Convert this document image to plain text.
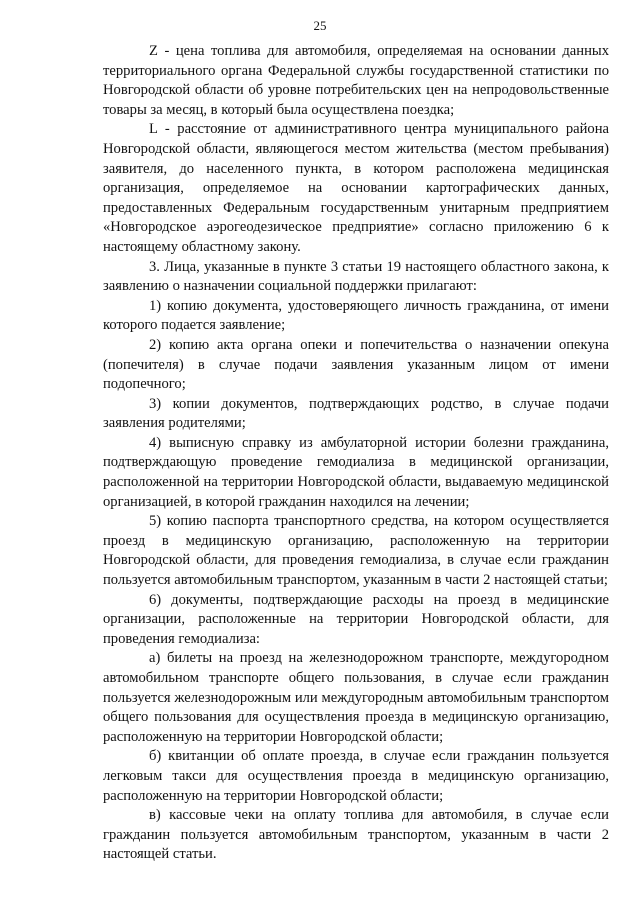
25

Z - цена топлива для автомобиля, определяемая на основании данных территориального органа Федеральной службы государственной статистики по Новгородской области об уровне потребительских цен на непродовольственные товары за месяц, в который была осуществлена поездка;

L - расстояние от административного центра муниципального района Новгородской области, являющегося местом жительства (местом пребывания) заявителя, до населенного пункта, в котором расположена медицинская организация, определяемое на основании картографических данных, предоставленных Федеральным государственным унитарным предприятием «Новгородское аэрогеодезическое предприятие» согласно приложению 6 к настоящему областному закону.

3. Лица, указанные в пункте 3 статьи 19 настоящего областного закона, к заявлению о назначении социальной поддержки прилагают:

1) копию документа, удостоверяющего личность гражданина, от имени которого подается заявление;

2) копию акта органа опеки и попечительства о назначении опекуна (попечителя) в случае подачи заявления указанным лицом от имени подопечного;

3) копии документов, подтверждающих родство, в случае подачи заявления родителями;

4) выписную справку из амбулаторной истории болезни гражданина, подтверждающую проведение гемодиализа в медицинской организации, расположенной на территории Новгородской области, выдаваемую медицинской организацией, в которой гражданин находился на лечении;

5) копию паспорта транспортного средства, на котором осуществляется проезд в медицинскую организацию, расположенную на территории Новгородской области, для проведения гемодиализа, в случае если гражданин пользуется автомобильным транспортом, указанным в части 2 настоящей статьи;

6) документы, подтверждающие расходы на проезд в медицинские организации, расположенные на территории Новгородской области, для проведения гемодиализа:

а) билеты на проезд на железнодорожном транспорте, междугородном автомобильном транспорте общего пользования, в случае если гражданин пользуется железнодорожным или междугородным автомобильным транспортом общего пользования для осуществления проезда в медицинскую организацию, расположенную на территории Новгородской области;

б) квитанции об оплате проезда, в случае если гражданин пользуется легковым такси для осуществления проезда в медицинскую организацию, расположенную на территории Новгородской области;

в) кассовые чеки на оплату топлива для автомобиля, в случае если гражданин пользуется автомобильным транспортом, указанным в части 2 настоящей статьи.
